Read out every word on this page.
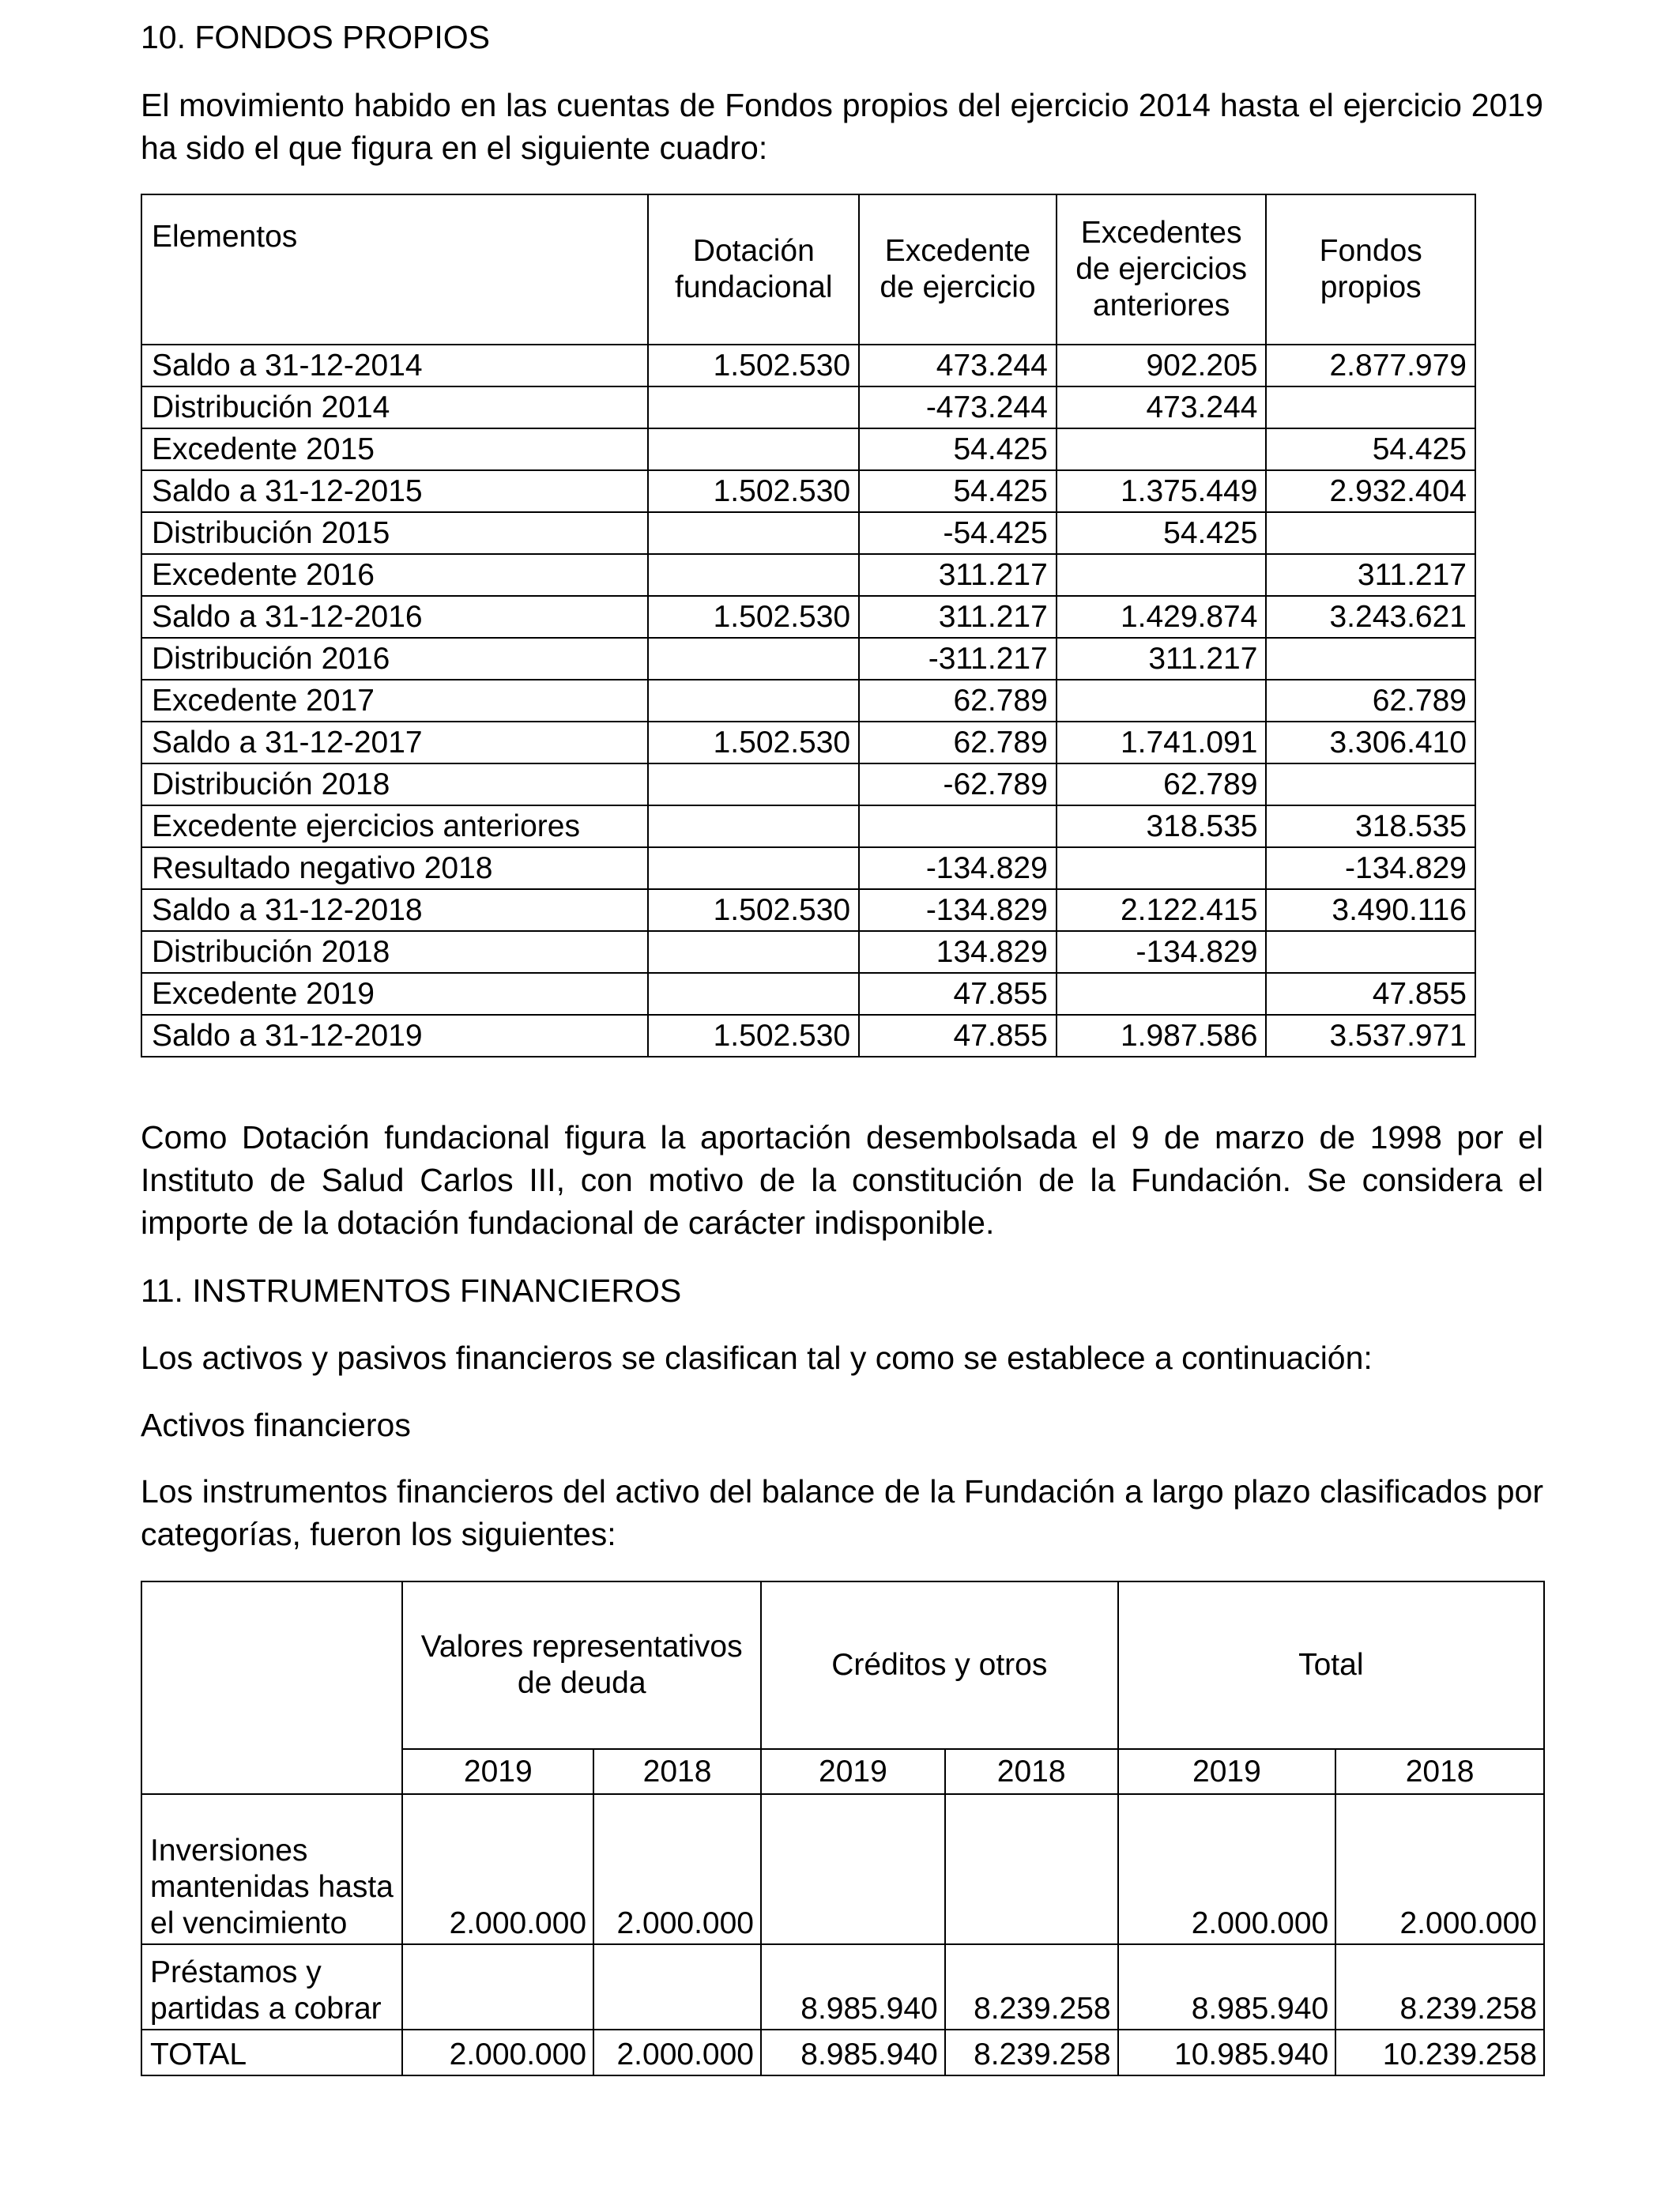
10. FONDOS PROPIOS

El movimiento habido en las cuentas de Fondos propios del ejercicio 2014 hasta el ejercicio 2019 ha sido el que figura en el siguiente cuadro:

Elementos	Dotación fundacional	Excedente de ejercicio	Excedentes de ejercicios anteriores	Fondos propios
Saldo a 31-12-2014	1.502.530	473.244	902.205	2.877.979
Distribución 2014		-473.244	473.244	
Excedente 2015		54.425		54.425
Saldo a 31-12-2015	1.502.530	54.425	1.375.449	2.932.404
Distribución 2015		-54.425	54.425	
Excedente 2016		311.217		311.217
Saldo a 31-12-2016	1.502.530	311.217	1.429.874	3.243.621
Distribución 2016		-311.217	311.217	
Excedente 2017		62.789		62.789
Saldo a 31-12-2017	1.502.530	62.789	1.741.091	3.306.410
Distribución 2018		-62.789	62.789	
Excedente ejercicios anteriores			318.535	318.535
Resultado negativo 2018		-134.829		-134.829
Saldo a 31-12-2018	1.502.530	-134.829	2.122.415	3.490.116
Distribución 2018		134.829	-134.829	
Excedente 2019		47.855		47.855
Saldo a 31-12-2019	1.502.530	47.855	1.987.586	3.537.971

Como Dotación fundacional figura la aportación desembolsada el 9 de marzo de 1998 por el Instituto de Salud Carlos III, con motivo de la constitución de la Fundación. Se considera el importe de la dotación fundacional de carácter indisponible.

11. INSTRUMENTOS FINANCIEROS

Los activos y pasivos financieros se clasifican tal y como se establece a continuación:

Activos financieros

Los instrumentos financieros del activo del balance de la Fundación a largo plazo clasificados por categorías, fueron los siguientes:

	Valores representativos de deuda		Créditos y otros		Total	
	2019	2018	2019	2018	2019	2018
Inversiones mantenidas hasta el vencimiento	2.000.000	2.000.000			2.000.000	2.000.000
Préstamos y partidas a cobrar			8.985.940	8.239.258	8.985.940	8.239.258
TOTAL	2.000.000	2.000.000	8.985.940	8.239.258	10.985.940	10.239.258
